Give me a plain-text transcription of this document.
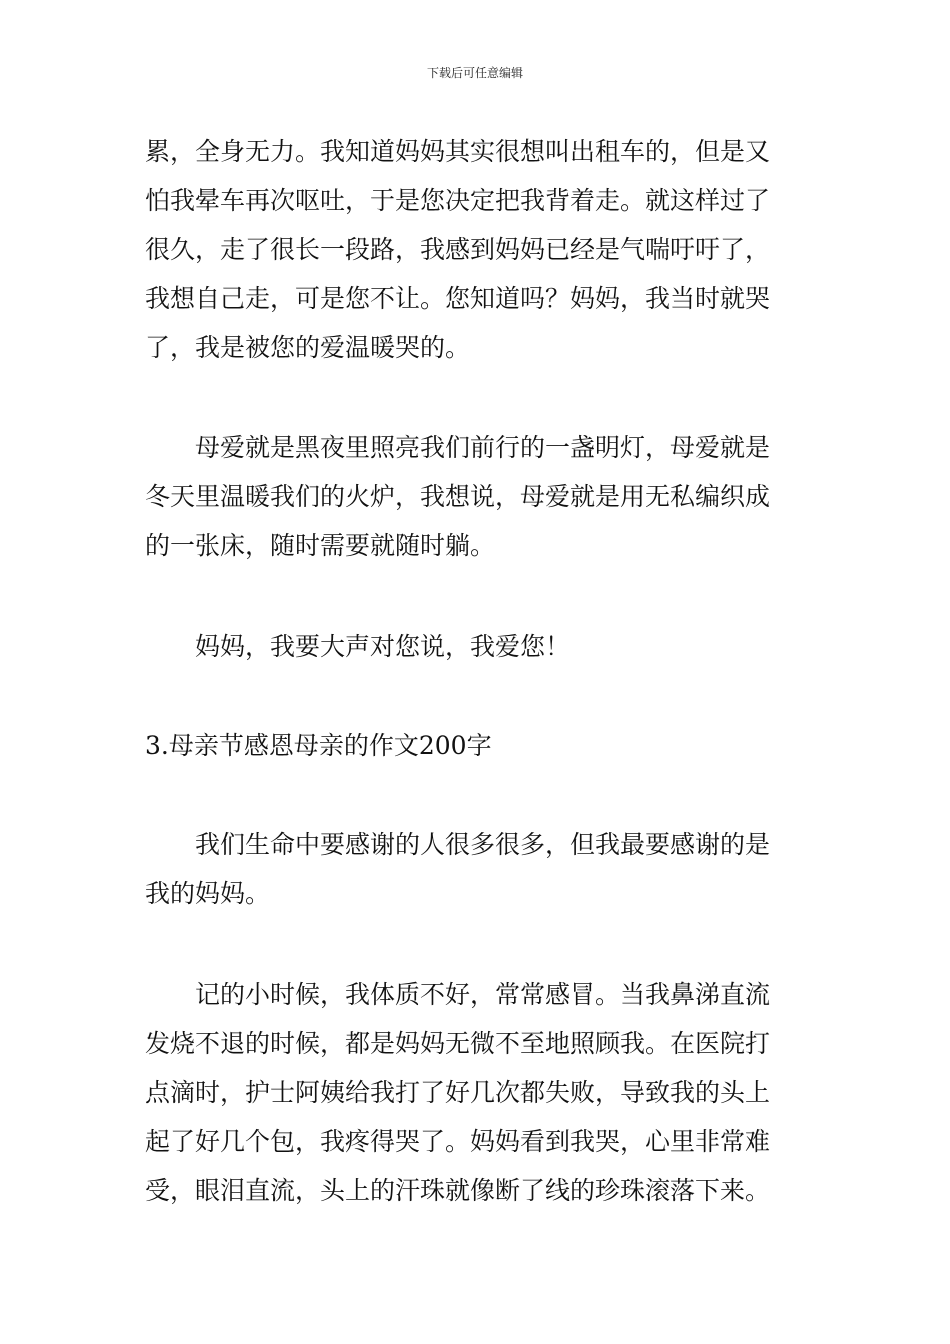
下载后可任意编辑

累，全身无力。我知道妈妈其实很想叫出租车的，但是又
怕我晕车再次呕吐，于是您决定把我背着走。就这样过了
很久，走了很长一段路，我感到妈妈已经是气喘吁吁了，
我想自己走，可是您不让。您知道吗？妈妈，我当时就哭
了，我是被您的爱温暖哭的。

母爱就是黑夜里照亮我们前行的一盏明灯，母爱就是
冬天里温暖我们的火炉，我想说，母爱就是用无私编织成
的一张床，随时需要就随时躺。

妈妈，我要大声对您说，我爱您！

3.母亲节感恩母亲的作文200字

我们生命中要感谢的人很多很多，但我最要感谢的是
我的妈妈。

记的小时候，我体质不好，常常感冒。当我鼻涕直流
发烧不退的时候，都是妈妈无微不至地照顾我。在医院打
点滴时，护士阿姨给我打了好几次都失败，导致我的头上
起了好几个包，我疼得哭了。妈妈看到我哭，心里非常难
受，眼泪直流，头上的汗珠就像断了线的珍珠滚落下来。
